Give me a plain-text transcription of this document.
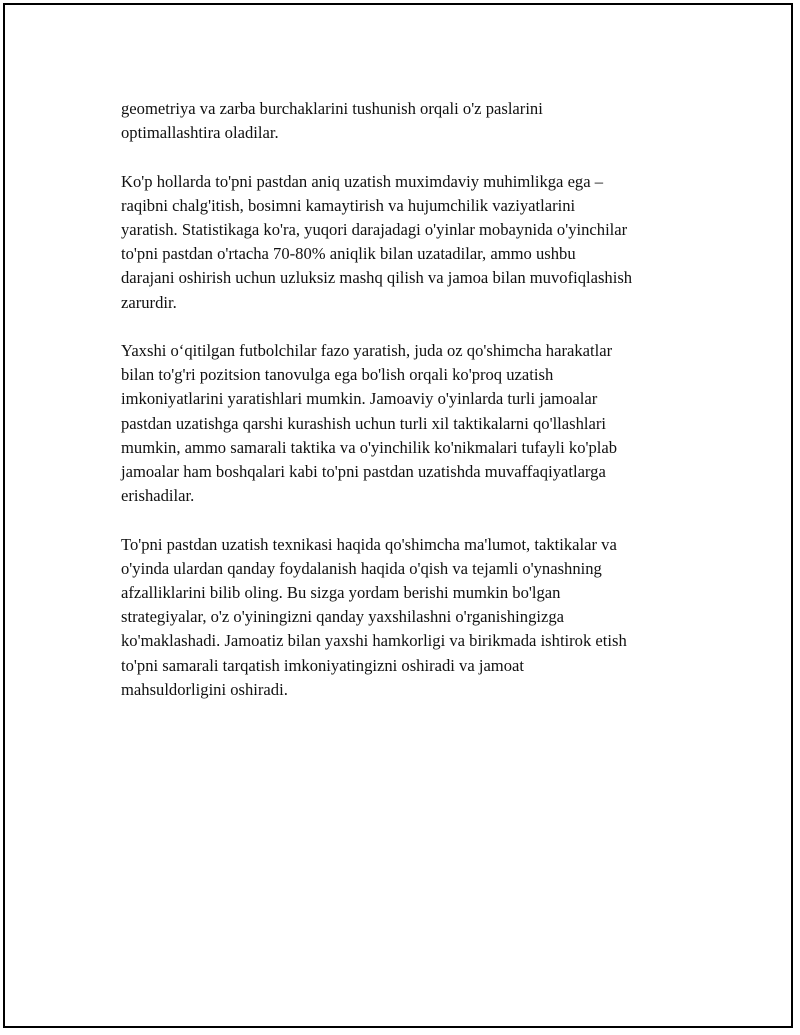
geometriya va zarba burchaklarini tushunish orqali o'z paslarini
optimallashtira oladilar.

Ko'p hollarda to'pni pastdan aniq uzatish muximdaviy muhimlikga ega –
raqibni chalg'itish, bosimni kamaytirish va hujumchilik vaziyatlarini
yaratish. Statistikaga ko'ra, yuqori darajadagi o'yinlar mobaynida o'yinchilar
to'pni pastdan o'rtacha 70-80% aniqlik bilan uzatadilar, ammo ushbu
darajani oshirish uchun uzluksiz mashq qilish va jamoa bilan muvofiqlashish
zarurdir.

Yaxshi o‘qitilgan futbolchilar fazo yaratish, juda oz qo'shimcha harakatlar
bilan to'g'ri pozitsion tanovulga ega bo'lish orqali ko'proq uzatish
imkoniyatlarini yaratishlari mumkin. Jamoaviy o'yinlarda turli jamoalar
pastdan uzatishga qarshi kurashish uchun turli xil taktikalarni qo'llashlari
mumkin, ammo samarali taktika va o'yinchilik ko'nikmalari tufayli ko'plab
jamoalar ham boshqalari kabi to'pni pastdan uzatishda muvaffaqiyatlarga
erishadilar.

To'pni pastdan uzatish texnikasi haqida qo'shimcha ma'lumot, taktikalar va
o'yinda ulardan qanday foydalanish haqida o'qish va tejamli o'ynashning
afzalliklarini bilib oling. Bu sizga yordam berishi mumkin bo'lgan
strategiyalar, o'z o'yiningizni qanday yaxshilashni o'rganishingizga
ko'maklashadi. Jamoatiz bilan yaxshi hamkorligi va birikmada ishtirok etish
to'pni samarali tarqatish imkoniyatingizni oshiradi va jamoat
mahsuldorligini oshiradi.
